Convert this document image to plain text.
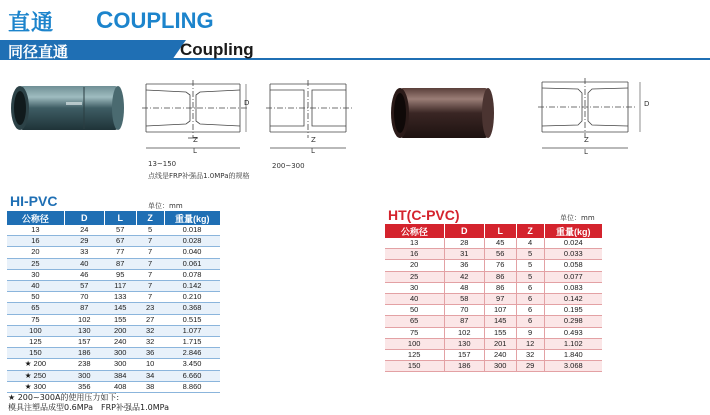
直通 COUPLING
同径直通	Coupling
D
Z
L
13~150
点线是FRP补强品1.0MPa的规格
Z
L
200~300
D
Z
L
HI-PVC	单位：mm
公称径	D	L	Z	重量(kg)
13	24	57	5	0.018
16	29	67	7	0.028
20	33	77	7	0.040
25	40	87	7	0.061
30	46	95	7	0.078
40	57	117	7	0.142
50	70	133	7	0.210
65	87	145	23	0.368
75	102	155	27	0.515
100	130	200	32	1.077
125	157	240	32	1.715
150	186	300	36	2.846
★ 200	238	300	10	3.450
★ 250	300	384	34	6.660
★ 300	356	408	38	8.860
★ 200~300A的使用压力如下:
模具注塑品成型0.6MPa　FRP补强品1.0MPa
HT(C-PVC)	单位：mm
公称径	D	L	Z	重量(kg)
13	28	45	4	0.024
16	31	56	5	0.033
20	36	76	5	0.058
25	42	86	5	0.077
30	48	86	6	0.083
40	58	97	6	0.142
50	70	107	6	0.195
65	87	145	6	0.298
75	102	155	9	0.493
100	130	201	12	1.102
125	157	240	32	1.840
150	186	300	29	3.068
